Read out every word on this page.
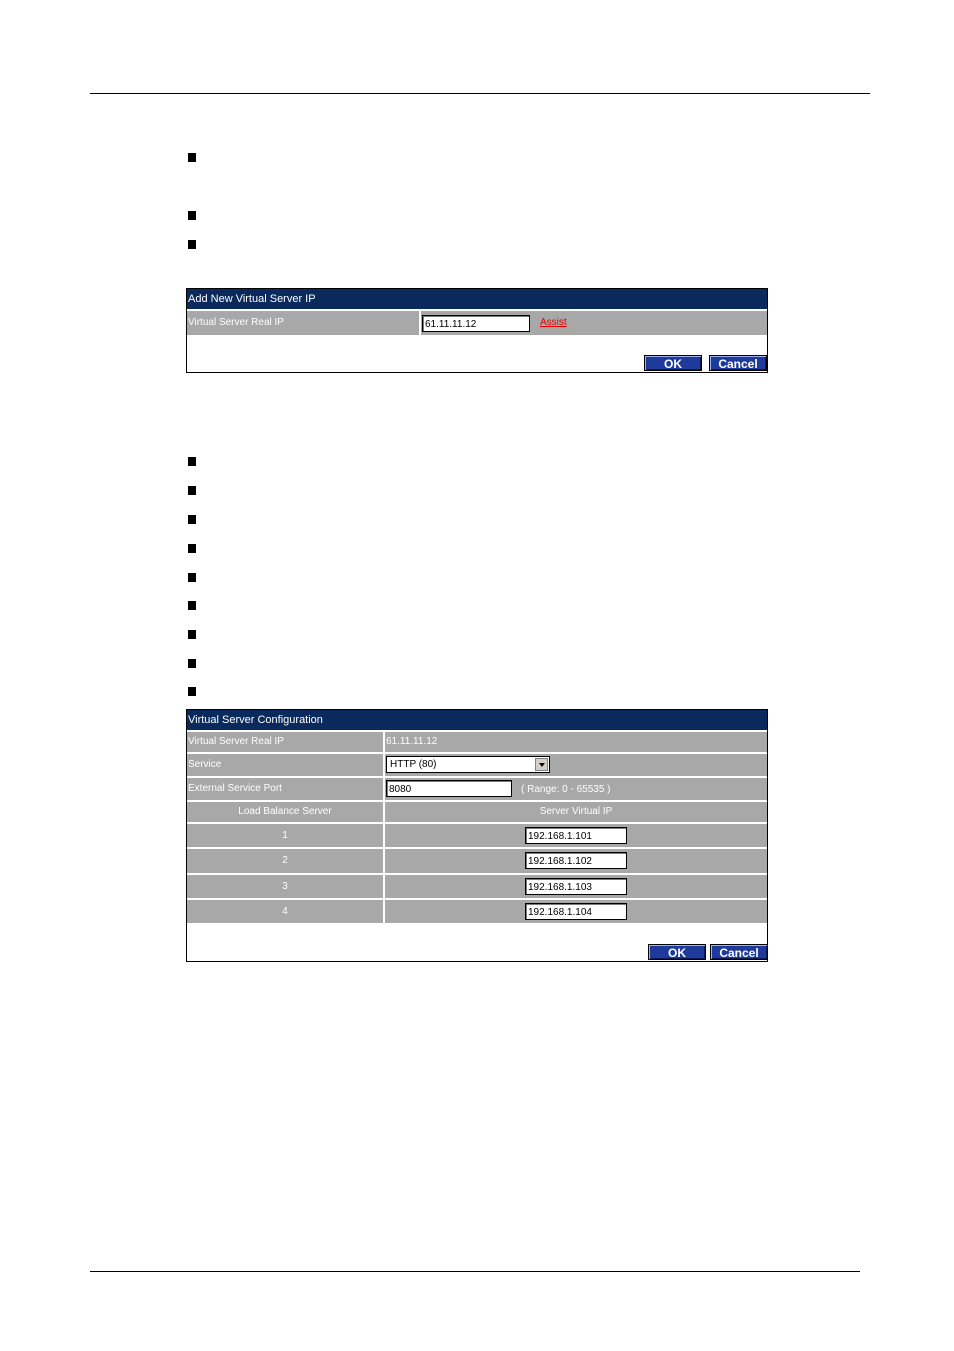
Add New Virtual Server IP
Virtual Server Real IP	61.11.11.12	Assist
OK	Cancel
Virtual Server Configuration
Virtual Server Real IP	61.11.11.12
Service	HTTP (80)
External Service Port	8080	( Range: 0 - 65535 )
Load Balance Server	Server Virtual IP
1	192.168.1.101
2	192.168.1.102
3	192.168.1.103
4	192.168.1.104
OK	Cancel
